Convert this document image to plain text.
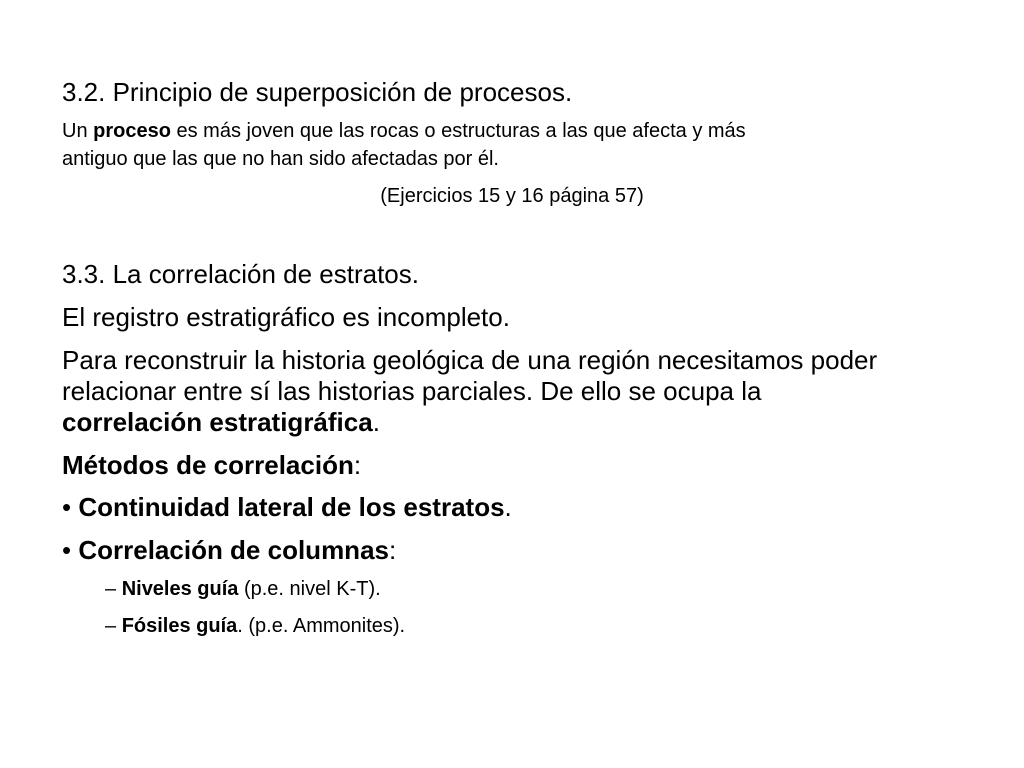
3.2. Principio de superposición de procesos.

Un proceso es más joven que las rocas o estructuras a las que afecta y más

antiguo que las que no han sido afectadas por él.

(Ejercicios 15 y 16 página 57)

3.3. La correlación de estratos.

El registro estratigráfico es incompleto.

Para reconstruir la historia geológica de una región necesitamos poder

relacionar entre sí las historias parciales. De ello se ocupa la

correlación estratigráfica.

Métodos de correlación:

• Continuidad lateral de los estratos.

• Correlación de columnas:

– Niveles guía (p.e. nivel K-T).

– Fósiles guía. (p.e. Ammonites).
